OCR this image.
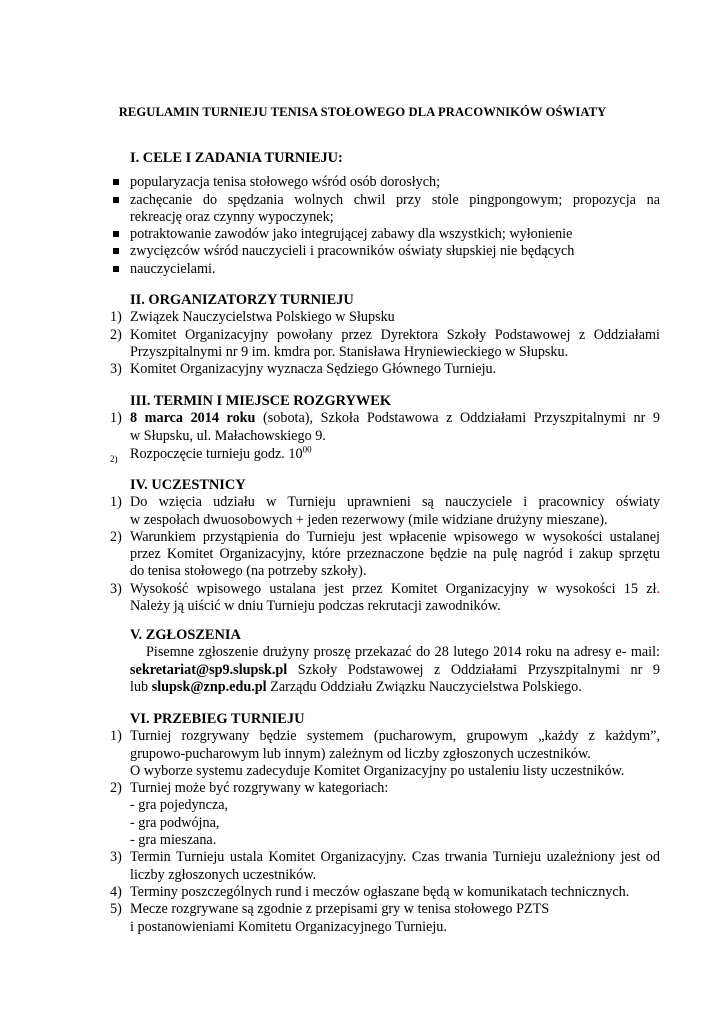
REGULAMIN TURNIEJU TENISA STOŁOWEGO DLA PRACOWNIKÓW OŚWIATY
I. CELE I ZADANIA TURNIEJU:
popularyzacja tenisa stołowego wśród osób dorosłych;
zachęcanie do spędzania wolnych chwil przy stole pingpongowym; propozycja na
rekreację oraz czynny wypoczynek;
potraktowanie zawodów jako integrującej zabawy dla wszystkich; wyłonienie
zwycięzców wśród nauczycieli i pracowników oświaty słupskiej nie będących
nauczycielami.
II. ORGANIZATORZY TURNIEJU
1) Związek Nauczycielstwa Polskiego w Słupsku
2) Komitet Organizacyjny powołany przez Dyrektora Szkoły Podstawowej z Oddziałami
Przyszpitalnymi nr 9 im. kmdra por. Stanisława Hryniewieckiego w Słupsku.
3) Komitet Organizacyjny wyznacza Sędziego Głównego Turnieju.
III. TERMIN I MIEJSCE ROZGRYWEK
1) 8 marca 2014 roku (sobota), Szkoła Podstawowa z Oddziałami Przyszpitalnymi nr 9
w Słupsku, ul. Małachowskiego 9.
2) Rozpoczęcie turnieju godz. $10^{00}$
IV. UCZESTNICY
1) Do wzięcia udziału w Turnieju uprawnieni są nauczyciele i pracownicy oświaty
w zespołach dwuosobowych + jeden rezerwowy (mile widziane drużyny mieszane).
2) Warunkiem przystąpienia do Turnieju jest wpłacenie wpisowego w wysokości ustalanej
przez Komitet Organizacyjny, które przeznaczone będzie na pulę nagród i zakup sprzętu
do tenisa stołowego (na potrzeby szkoły).
3) Wysokość wpisowego ustalana jest przez Komitet Organizacyjny w wysokości 15 zł.
Należy ją uiścić w dniu Turnieju podczas rekrutacji zawodników.
V. ZGŁOSZENIA
Pisemne zgłoszenie drużyny proszę przekazać do 28 lutego 2014 roku na adresy e- mail:
sekretariat@sp9.slupsk.pl Szkoły Podstawowej z Oddziałami Przyszpitalnymi nr 9
lub slupsk@znp.edu.pl Zarządu Oddziału Związku Nauczycielstwa Polskiego.
VI. PRZEBIEG TURNIEJU
1) Turniej rozgrywany będzie systemem (pucharowym, grupowym „każdy z każdym”,
grupowo-pucharowym lub innym) zależnym od liczby zgłoszonych uczestników.
O wyborze systemu zadecyduje Komitet Organizacyjny po ustaleniu listy uczestników.
2) Turniej może być rozgrywany w kategoriach:
- gra pojedyncza,
- gra podwójna,
- gra mieszana.
3) Termin Turnieju ustala Komitet Organizacyjny. Czas trwania Turnieju uzależniony jest od
liczby zgłoszonych uczestników.
4) Terminy poszczególnych rund i meczów ogłaszane będą w komunikatach technicznych.
5) Mecze rozgrywane są zgodnie z przepisami gry w tenisa stołowego PZTS
i postanowieniami Komitetu Organizacyjnego Turnieju.
